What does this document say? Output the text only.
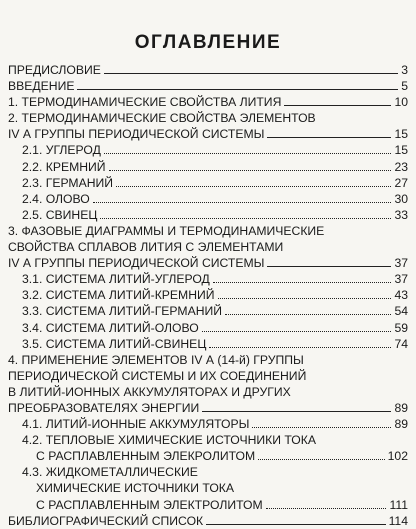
ОГЛАВЛЕНИЕ
ПРЕДИСЛОВИЕ	3
ВВЕДЕНИЕ	5
1. ТЕРМОДИНАМИЧЕСКИЕ СВОЙСТВА ЛИТИЯ	10
2. ТЕРМОДИНАМИЧЕСКИЕ СВОЙСТВА ЭЛЕМЕНТОВ
IV А ГРУППЫ ПЕРИОДИЧЕСКОЙ СИСТЕМЫ	15
2.1. УГЛЕРОД	15
2.2. КРЕМНИЙ	23
2.3. ГЕРМАНИЙ	27
2.4. ОЛОВО	30
2.5. СВИНЕЦ	33
3. ФАЗОВЫЕ ДИАГРАММЫ И ТЕРМОДИНАМИЧЕСКИЕ
СВОЙСТВА СПЛАВОВ ЛИТИЯ С ЭЛЕМЕНТАМИ
IV А ГРУППЫ ПЕРИОДИЧЕСКОЙ СИСТЕМЫ	37
3.1. СИСТЕМА ЛИТИЙ-УГЛЕРОД	37
3.2. СИСТЕМА ЛИТИЙ-КРЕМНИЙ	43
3.3. СИСТЕМА ЛИТИЙ-ГЕРМАНИЙ	54
3.4. СИСТЕМА ЛИТИЙ-ОЛОВО	59
3.5. СИСТЕМА ЛИТИЙ-СВИНЕЦ	74
4. ПРИМЕНЕНИЕ ЭЛЕМЕНТОВ IV А (14-й) ГРУППЫ
ПЕРИОДИЧЕСКОЙ СИСТЕМЫ И ИХ СОЕДИНЕНИЙ
В ЛИТИЙ-ИОННЫХ АККУМУЛЯТОРАХ И ДРУГИХ
ПРЕОБРАЗОВАТЕЛЯХ ЭНЕРГИИ	89
4.1. ЛИТИЙ-ИОННЫЕ АККУМУЛЯТОРЫ	89
4.2. ТЕПЛОВЫЕ ХИМИЧЕСКИЕ ИСТОЧНИКИ ТОКА
С РАСПЛАВЛЕННЫМ ЭЛЕКРОЛИТОМ	102
4.3. ЖИДКОМЕТАЛЛИЧЕСКИЕ
ХИМИЧЕСКИЕ ИСТОЧНИКИ ТОКА
С РАСПЛАВЛЕННЫМ ЭЛЕКТРОЛИТОМ	111
БИБЛИОГРАФИЧЕСКИЙ СПИСОК	114
